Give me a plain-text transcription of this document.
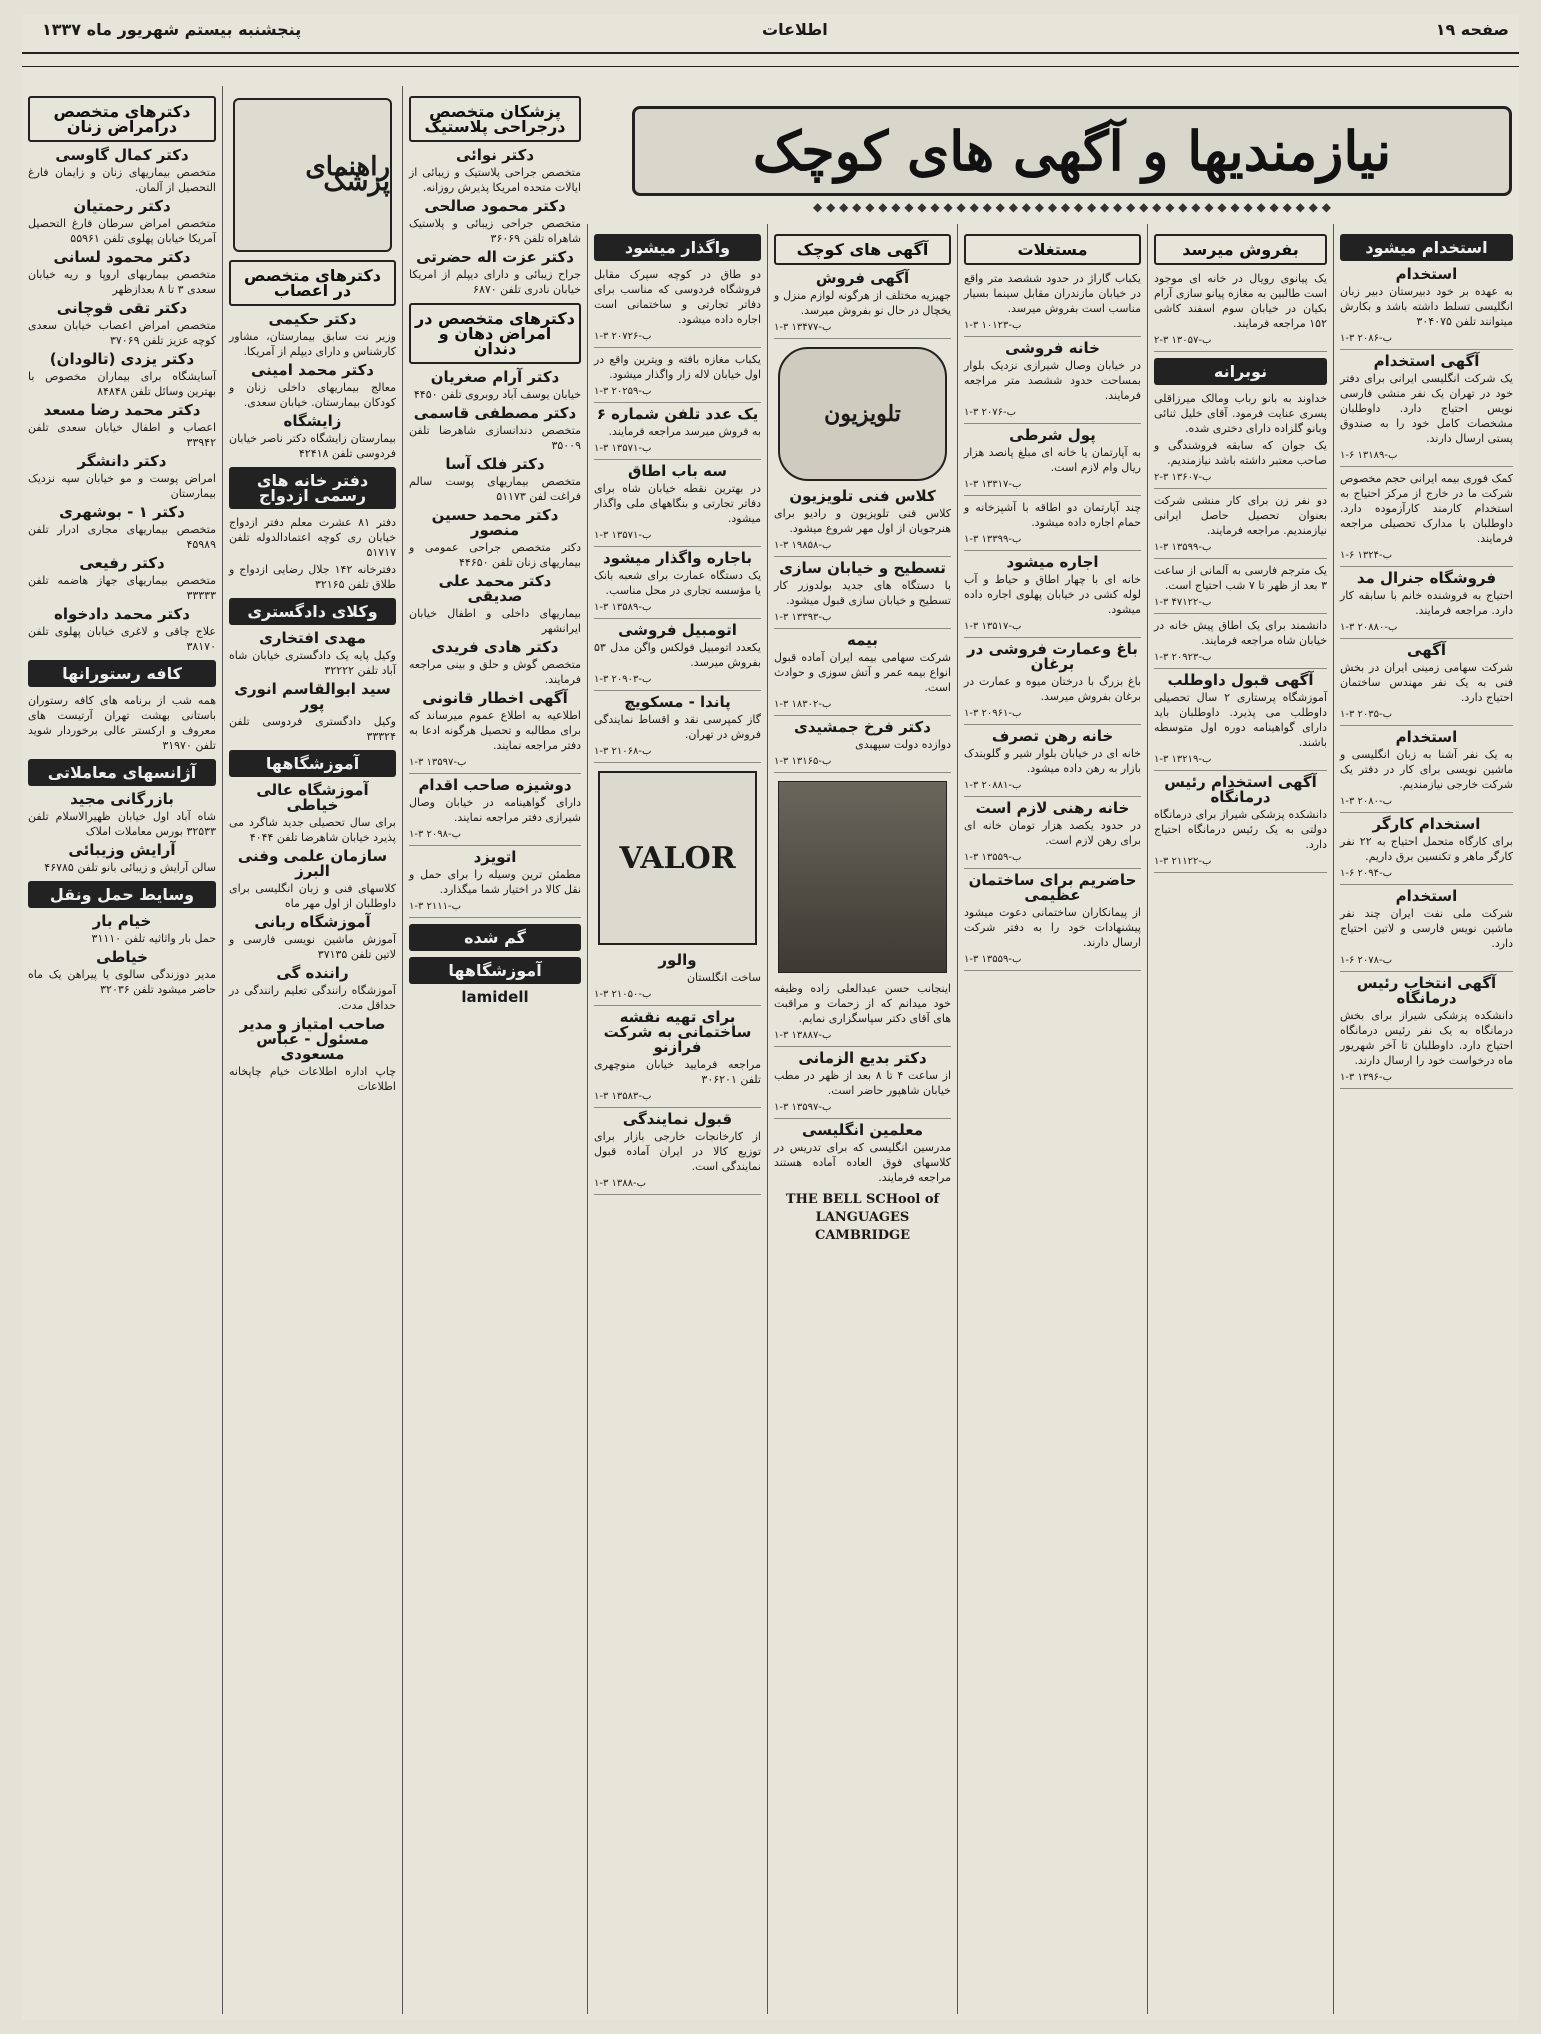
صفحه ۱۹
اطلاعات
پنجشنبه بیستم شهریور ماه ۱۳۳۷
نیازمندیها و آگهی های کوچک
◆ ◆ ◆ ◆ ◆ ◆ ◆ ◆ ◆ ◆ ◆ ◆ ◆ ◆ ◆ ◆ ◆ ◆ ◆ ◆ ◆ ◆ ◆ ◆ ◆ ◆ ◆ ◆ ◆ ◆ ◆ ◆ ◆ ◆ ◆ ◆ ◆ ◆ ◆ ◆
استخدام میشود
استخدام
به عهده بر خود دبیرستان دبیر زبان انگلیسی تسلط داشته باشد و بکارش میتوانند تلفن ۳۰۴۰۷۵
۱-۳ ب-۲۰۸۶
آگهی استخدام
یک شرکت انگلیسی ایرانی برای دفتر خود در تهران یک نفر منشی فارسی نویس احتیاج دارد. داوطلبان مشخصات کامل خود را به صندوق پستی ارسال دارند.
۱-۶ ب-۱۳۱۸۹
کمک فوری بیمه ایرانی حجم مخصوص شرکت ما در خارج از مرکز احتیاج به استخدام کارمند کارآزموده دارد. داوطلبان با مدارک تحصیلی مراجعه فرمایند.
۱-۶ ب-۱۳۲۴
فروشگاه جنرال مد
احتیاج به فروشنده خانم با سابقه کار دارد. مراجعه فرمایند.
۱-۳ ب-۲۰۸۸۰
آگهی
شرکت سهامی زمینی ایران در بخش فنی به یک نفر مهندس ساختمان احتیاج دارد.
۱-۳ ب-۲۰۳۵
استخدام
به یک نفر آشنا به زبان انگلیسی و ماشین نویسی برای کار در دفتر یک شرکت خارجی نیازمندیم.
۱-۳ ب-۲۰۸۰
استخدام کارگر
برای کارگاه متحمل احتیاج به ۲۲ نفر کارگر ماهر و تکنسین برق داریم.
۱-۶ ب-۲۰۹۴
استخدام
شرکت ملی نفت ایران چند نفر ماشین نویس فارسی و لاتین احتیاج دارد.
۱-۶ ب-۲۰۷۸
آگهی انتخاب رئیس درمانگاه
دانشکده پزشکی شیراز برای بخش درمانگاه به یک نفر رئیس درمانگاه احتیاج دارد. داوطلبان تا آخر شهریور ماه درخواست خود را ارسال دارند.
۱-۳ ب-۱۳۹۶
بفروش میرسد
یک پیانوی رویال در خانه ای موجود است طالبین به مغازه پیانو سازی آرام بکیان در خیابان سوم اسفند کاشی ۱۵۲ مراجعه فرمایند.
۲-۳ ب-۱۳۰۵۷
نوبرانه
خداوند به بانو رباب ومالک میرزاقلی پسری عنایت فرمود. آقای خلیل ثنائی وبانو گلزاده دارای دختری شده.
یک جوان که سابقه فروشندگی و صاحب معتبر داشته باشد نیازمندیم.
۲-۳ ب-۱۳۶۰۷
دو نفر زن برای کار منشی شرکت بعنوان تحصیل حاصل ایرانی نیازمندیم. مراجعه فرمایند.
۱-۳ ب-۱۳۵۹۹
یک مترجم فارسی به آلمانی از ساعت ۳ بعد از ظهر تا ۷ شب احتیاج است.
۱-۳ ب-۴۷۱۲۲
دانشمند برای یک اطاق پیش خانه در خیابان شاه مراجعه فرمایند.
۱-۳ ب-۲۰۹۲۳
آگهی قبول داوطلب
آموزشگاه پرستاری ۲ سال تحصیلی داوطلب می پذیرد. داوطلبان باید دارای گواهینامه دوره اول متوسطه باشند.
۱-۳ ب-۱۳۲۱۹
آگهی استخدام رئیس درمانگاه
دانشکده پزشکی شیراز برای درمانگاه دولتی به یک رئیس درمانگاه احتیاج دارد.
۱-۳ ب-۲۱۱۲۲
مستغلات
یکباب گاراژ در حدود ششصد متر واقع در خیابان مازندران مقابل سینما بسیار مناسب است بفروش میرسد.
۱-۳ ب-۱۰۱۲۳
خانه فروشی
در خیابان وصال شیرازی نزدیک بلوار بمساحت حدود ششصد متر مراجعه فرمایند.
۱-۳ ب-۲۰۷۶
پول شرطی
به آپارتمان یا خانه ای مبلغ پانصد هزار ریال وام لازم است.
۱-۳ ب-۱۳۳۱۷
چند آپارتمان دو اطاقه با آشپزخانه و حمام اجاره داده میشود.
۱-۳ ب-۱۳۳۹۹
اجاره میشود
خانه ای با چهار اطاق و حیاط و آب لوله کشی در خیابان پهلوی اجاره داده میشود.
۱-۳ ب-۱۳۵۱۷
باغ وعمارت فروشی در برغان
باغ بزرگ با درختان میوه و عمارت در برغان بفروش میرسد.
۱-۳ ب-۲۰۹۶۱
خانه رهن تصرف
خانه ای در خیابان بلوار شیر و گلوبندک بازار به رهن داده میشود.
۱-۳ ب-۲۰۸۸۱
خانه رهنی لازم است
در حدود یکصد هزار تومان خانه ای برای رهن لازم است.
۱-۳ ب-۱۳۵۵۹
حاضریم برای ساختمان عظیمی
از پیمانکاران ساختمانی دعوت میشود پیشنهادات خود را به دفتر شرکت ارسال دارند.
۱-۳ ب-۱۳۵۵۹
آگهی های کوچک
آگهی فروش
جهیزیه مختلف از هرگونه لوازم منزل و یخچال در حال نو بفروش میرسد.
۱-۳ ب-۱۳۴۷۷
تلویزیون
کلاس فنی تلویزیون
کلاس فنی تلویزیون و رادیو برای هنرجویان از اول مهر شروع میشود.
۱-۳ ب-۱۹۸۵۸
تسطیح و خیابان سازی
با دستگاه های جدید بولدوزر کار تسطیح و خیابان سازی قبول میشود.
۱-۳ ب-۱۳۳۹۳
بیمه
شرکت سهامی بیمه ایران آماده قبول انواع بیمه عمر و آتش سوزی و حوادث است.
۱-۳ ب-۱۸۳۰۲
دکتر فرخ جمشیدی
دوازده دولت سپهبدی
۱-۳ ب-۱۳۱۶۵
اینجانب حسن عبدالعلی زاده وظیفه خود میدانم که از زحمات و مراقبت های آقای دکتر سپاسگزاری نمایم.
۱-۳ ب-۱۳۸۸۷
دکتر بدیع الزمانی
از ساعت ۴ تا ۸ بعد از ظهر در مطب خیابان شاهپور حاضر است.
۱-۳ ب-۱۳۵۹۷
معلمین انگلیسی
مدرسین انگلیسی که برای تدریس در کلاسهای فوق العاده آماده هستند مراجعه فرمایند.
THE BELL SCHool of
LANGUAGES
CAMBRIDGE
واگذار میشود
دو طاق در کوچه سپرک مقابل فروشگاه فردوسی که مناسب برای دفاتر تجارتی و ساختمانی است اجاره داده میشود.
۱-۳ ب-۲۰۷۲۶
یکباب مغازه بافته و ویترین واقع در اول خیابان لاله زار واگذار میشود.
۱-۳ ب-۲۰۲۵۹
یک عدد تلفن شماره ۶
به فروش میرسد مراجعه فرمایند.
۱-۳ ب-۱۳۵۷۱
سه باب اطاق
در بهترین نقطه خیابان شاه برای دفاتر تجارتی و بنگاههای ملی واگذار میشود.
۱-۳ ب-۱۳۵۷۱
باجاره واگذار میشود
یک دستگاه عمارت برای شعبه بانک یا مؤسسه تجاری در محل مناسب.
۱-۳ ب-۱۳۵۸۹
اتومبیل فروشی
یکعدد اتومبیل فولکس واگن مدل ۵۳ بفروش میرسد.
۱-۳ ب-۲۰۹۰۳
پاندا - مسکویچ
گاز کمپرسی نقد و اقساط نمایندگی فروش در تهران.
۱-۳ ب-۲۱۰۶۸
VALOR
والور
ساخت انگلستان
۱-۳ ب-۲۱۰۵۰
برای تهیه نقشه ساختمانی به شرکت فرازنو
مراجعه فرمایید خیابان منوچهری تلفن ۳۰۶۲۰۱
۱-۳ ب-۱۳۵۸۳
قبول نمایندگی
از کارخانجات خارجی بازار برای توزیع کالا در ایران آماده قبول نمایندگی است.
۱-۳ ب-۱۳۸۸
پزشکان متخصص درجراحی پلاستیک
دکتر نوائی
متخصص جراحی پلاستیک و زیبائی از ایالات متحده امریکا پذیرش روزانه.
دکتر محمود صالحی
متخصص جراحی زیبائی و پلاستیک شاهراه تلفن ۳۶۰۶۹
دکتر عزت اله حضرتی
جراح زیبائی و دارای دیپلم از امریکا خیابان نادری تلفن ۶۸۷۰
دکترهای متخصص در امراض دهان و دندان
دکتر آرام صغریان
خیابان یوسف آباد روبروی تلفن ۴۴۵۰
دکتر مصطفی قاسمی
متخصص دندانسازی شاهرضا تلفن ۳۵۰۰۹
دکتر فلک آسا
متخصص بیماریهای پوست سالم فراغت لفن ۵۱۱۷۳
دکتر محمد حسین منصور
دکتر متخصص جراحی عمومی و بیماریهای زنان تلفن ۴۴۶۵۰
دکتر محمد علی صدیقی
بیماریهای داخلی و اطفال خیابان ایرانشهر
دکتر هادی فریدی
متخصص گوش و حلق و بینی مراجعه فرمایند.
آگهی اخطار قانونی
اطلاعیه به اطلاع عموم میرساند که برای مطالبه و تحصیل هرگونه ادعا به دفتر مراجعه نمایند.
۱-۳ ب-۱۳۵۹۷
دوشیزه صاحب اقدام
دارای گواهینامه در خیابان وصال شیرازی دفتر مراجعه نمایند.
۱-۳ ب-۲۰۹۸
اتویزد
مطمئن ترین وسیله را برای حمل و نقل کالا در اختیار شما میگذارد.
۱-۳ ب-۲۱۱۱
گم شده
آموزشگاهها
lamidell
راهنمای پزشک
دکترهای متخصص در اعصاب
دکتر حکیمی
وزیر نت سابق بیمارستان، مشاور کارشناس و دارای دیپلم از آمریکا.
دکتر محمد امینی
معالج بیماریهای داخلی زنان و کودکان بیمارستان. خیابان سعدی.
زایشگاه
بیمارستان زایشگاه دکتر ناصر خیابان فردوسی تلفن ۴۲۴۱۸
دفتر خانه های رسمی ازدواج
دفتر ۸۱ عشرت معلم دفتر ازدواج خیابان ری کوچه اعتمادالدوله تلفن ۵۱۷۱۷
دفترخانه ۱۴۲ جلال رضایی ازدواج و طلاق تلفن ۳۲۱۶۵
وکلای دادگستری
مهدی افتخاری
وکیل پایه یک دادگستری خیابان شاه آباد تلفن ۳۲۲۲۲
سید ابوالقاسم انوری پور
وکیل دادگستری فردوسی تلفن ۳۳۳۲۴
آموزشگاهها
آموزشگاه عالی خیاطی
برای سال تحصیلی جدید شاگرد می پذیرد خیابان شاهرضا تلفن ۴۰۴۴
سازمان علمی وفنی البرز
کلاسهای فنی و زبان انگلیسی برای داوطلبان از اول مهر ماه
آموزشگاه ربانی
آموزش ماشین نویسی فارسی و لاتین تلفن ۳۷۱۳۵
راننده گی
آموزشگاه رانندگی تعلیم رانندگی در حداقل مدت.
صاحب امتیاز و مدیر مسئول - عباس مسعودی
چاپ اداره اطلاعات خیام چاپخانه اطلاعات
دکترهای متخصص درامراض زنان
دکتر کمال گاوسی
متخصص بیماریهای زنان و زایمان فارغ التحصیل از آلمان.
دکتر رحمتیان
متخصص امراض سرطان فارغ التحصیل آمریکا خیابان پهلوی تلفن ۵۵۹۶۱
دکتر محمود لسانی
متخصص بیماریهای اروپا و ریه خیابان سعدی ۳ تا ۸ بعدازظهر
دکتر تقی قوچانی
متخصص امراض اعصاب خیابان سعدی کوچه عزیز تلفن ۳۷۰۶۹
دکتر یزدی (تالودان)
آسایشگاه برای بیماران مخصوص با بهترین وسائل تلفن ۸۴۸۴۸
دکتر محمد رضا مسعد
اعصاب و اطفال خیابان سعدی تلفن ۳۳۹۴۲
دکتر دانشگر
امراض پوست و مو خیابان سپه نزدیک بیمارستان
دکتر ۱ - بوشهری
متخصص بیماریهای مجاری ادرار تلفن ۴۵۹۸۹
دکتر رفیعی
متخصص بیماریهای جهاز هاضمه تلفن ۳۳۳۳۳
دکتر محمد دادخواه
علاج چاقی و لاغری خیابان پهلوی تلفن ۳۸۱۷۰
کافه رستورانها
همه شب از برنامه های کافه رستوران باستانی بهشت تهران آرتیست های معروف و ارکستر عالی برخوردار شوید تلفن ۳۱۹۷۰
آژانسهای معاملاتی
بازرگانی مجید
شاه آباد اول خیابان ظهیرالاسلام تلفن ۳۲۵۳۳ بورس معاملات املاک
آرایش وزیبائی
سالن آرایش و زیبائی بانو تلفن ۴۶۷۸۵
وسایط حمل ونقل
خیام بار
حمل بار واثاثیه تلفن ۳۱۱۱۰
خیاطی
مدیر دوزندگی سالوی یا پیراهن یک ماه حاضر میشود تلفن ۳۲۰۳۶
